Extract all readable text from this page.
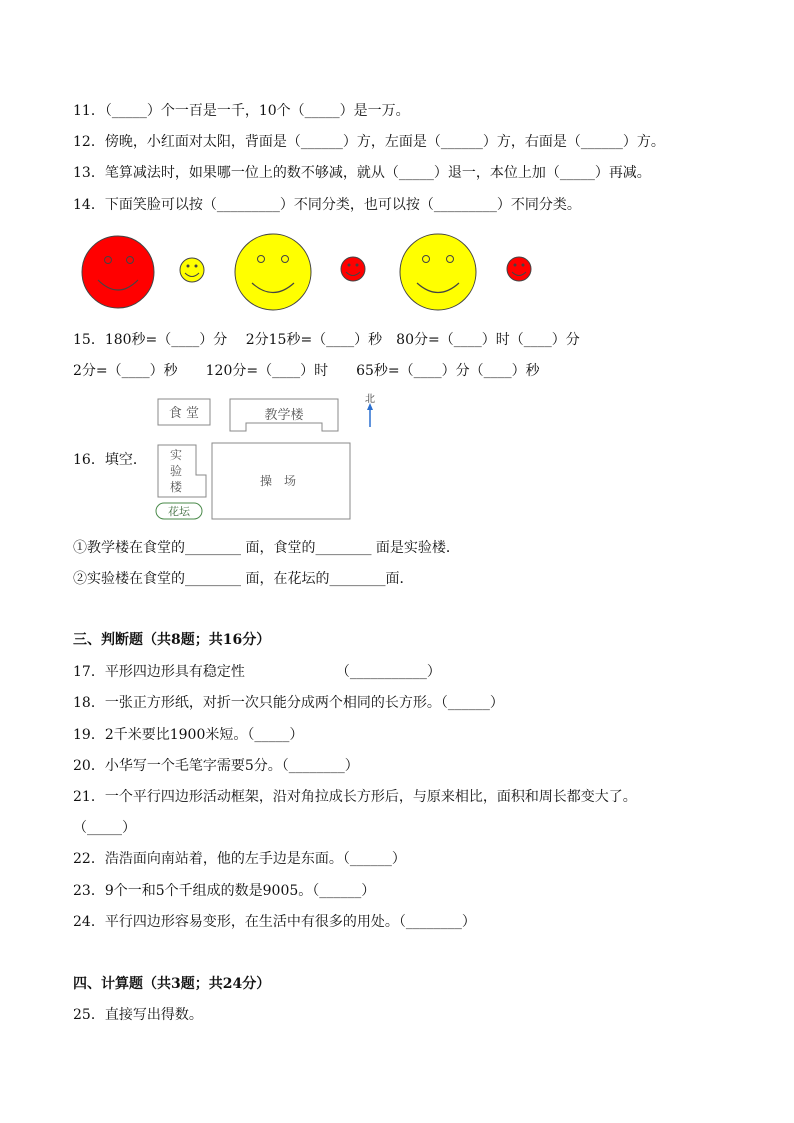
11．（_____）个一百是一千，10个（_____）是一万。
12．傍晚，小红面对太阳，背面是（______）方，左面是（______）方，右面是（______）方。
13．笔算减法时，如果哪一位上的数不够减，就从（_____）退一，本位上加（_____）再减。
14．下面笑脸可以按（_________）不同分类，也可以按（_________）不同分类。
15．180秒=（____）分　 2分15秒=（____）秒　80分=（____）时（____）分
2分=（____）秒　　120分=（____）时　　65秒=（____）分（____）秒
食 堂	教学楼
北
实
验
楼	操　场
花坛
16．填空．
①教学楼在食堂的________ 面，食堂的________ 面是实验楼．
②实验楼在食堂的________ 面，在花坛的________面．
三、判断题（共8题；共16分）
17．平形四边形具有稳定性　　　　　　　（___________）
18．一张正方形纸，对折一次只能分成两个相同的长方形。（______）
19．2千米要比1900米短。（_____）
20．小华写一个毛笔字需要5分。（________）
21．一个平行四边形活动框架，沿对角拉成长方形后，与原来相比，面积和周长都变大了。
（_____）
22．浩浩面向南站着，他的左手边是东面。（______）
23．9个一和5个千组成的数是9005。（______）
24．平行四边形容易变形，在生活中有很多的用处。（________）
四、计算题（共3题；共24分）
25．直接写出得数。
